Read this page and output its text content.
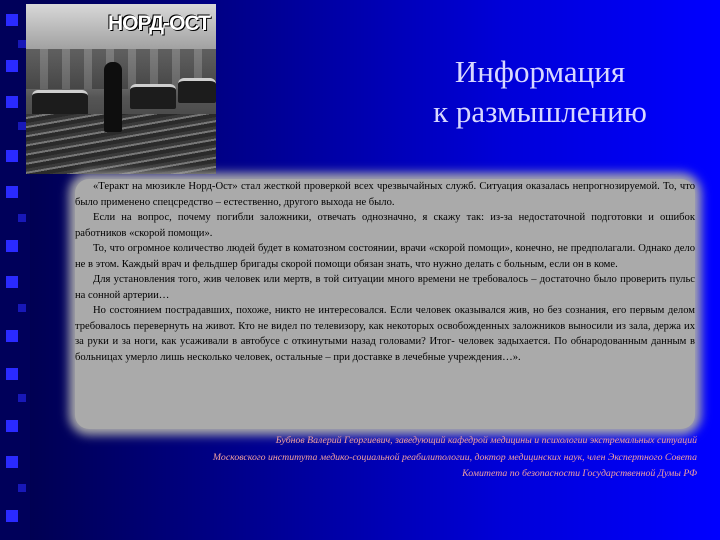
НОРД-ОСТ
Информация
к размышлению

«Теракт на мюзикле Норд-Ост» стал жесткой проверкой всех чрезвычайных служб. Ситуация оказалась непрогнозируемой. То, что было применено спецсредство – естественно, другого выхода не было.

Если на вопрос, почему погибли заложники, отвечать однозначно, я скажу так: из-за недостаточной подготовки и ошибок работников «скорой помощи».

То, что огромное количество людей будет в коматозном состоянии, врачи «скорой помощи», конечно, не предполагали. Однако дело не в этом. Каждый врач и фельдшер бригады скорой помощи обязан знать, что нужно делать с больным, если он в коме.

Для установления того, жив человек или мертв, в той ситуации много времени не требовалось – достаточно было проверить пульс на сонной артерии…

Но состоянием пострадавших, похоже, никто не интересовался. Если человек оказывался жив, но без сознания, его первым делом требовалось перевернуть на живот. Кто не видел по телевизору, как некоторых освобожденных заложников выносили из зала, держа их за руки и за ноги, как усаживали в автобусе с откинутыми назад головами? Итог- человек задыхается. По обнародованным данным в больницах умерло лишь несколько человек, остальные – при доставке в лечебные учреждения…».

Бубнов Валерий Георгиевич, заведующий кафедрой медицины и психологии экстремальных ситуаций
Московского института медико-социальной реабилитологии, доктор медицинских наук, член Экспертного Совета
Комитета по безопасности Государственной Думы РФ
